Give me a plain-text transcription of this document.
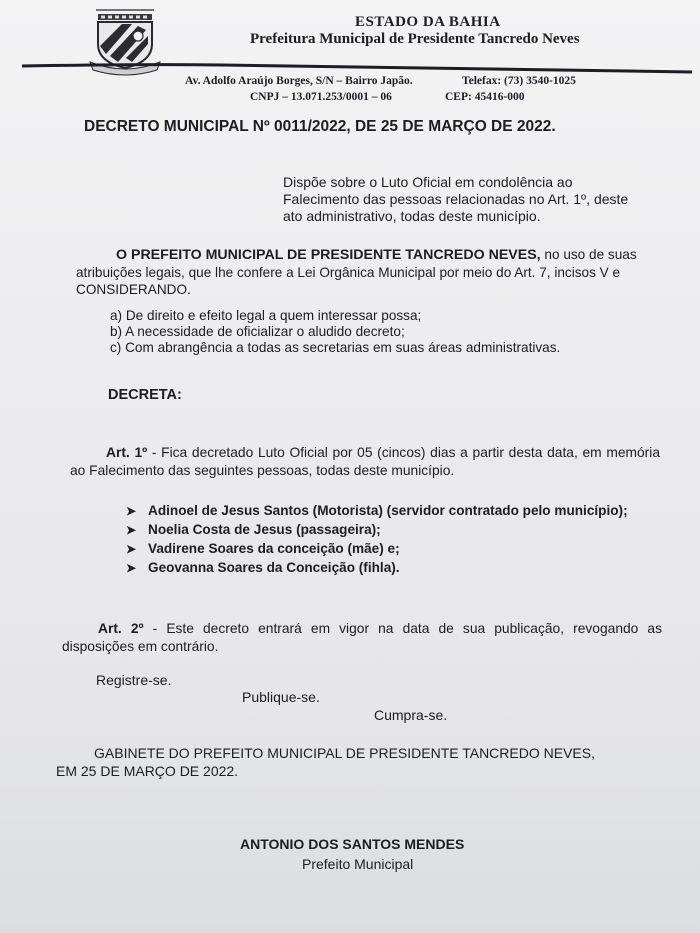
ESTADO DA BAHIA
Prefeitura Municipal de Presidente Tancredo Neves
Av. Adolfo Araújo Borges, S/N – Bairro Japão.	Telefax: (73) 3540-1025
CNPJ – 13.071.253/0001 – 06	CEP: 45416-000
DECRETO MUNICIPAL Nº 0011/2022, DE 25 DE MARÇO DE 2022.
Dispõe sobre o Luto Oficial em condolência ao Falecimento das pessoas relacionadas no Art. 1º, deste ato administrativo, todas deste município.
O PREFEITO MUNICIPAL DE PRESIDENTE TANCREDO NEVES, no uso de suas atribuições legais, que lhe confere a Lei Orgânica Municipal por meio do Art. 7, incisos V e CONSIDERANDO.
a) De direito e efeito legal a quem interessar possa;
b) A necessidade de oficializar o aludido decreto;
c) Com abrangência a todas as secretarias em suas áreas administrativas.
DECRETA:
Art. 1º - Fica decretado Luto Oficial por 05 (cincos) dias a partir desta data, em memória ao Falecimento das seguintes pessoas, todas deste município.
➤ Adinoel de Jesus Santos (Motorista) (servidor contratado pelo município);
➤ Noelia Costa de Jesus (passageira);
➤ Vadirene Soares da conceição (mãe) e;
➤ Geovanna Soares da Conceição (fihla).
Art. 2º - Este decreto entrará em vigor na data de sua publicação, revogando as disposições em contrário.
Registre-se.
Publique-se.
Cumpra-se.
GABINETE DO PREFEITO MUNICIPAL DE PRESIDENTE TANCREDO NEVES,
EM 25 DE MARÇO DE 2022.
ANTONIO DOS SANTOS MENDES
Prefeito Municipal
